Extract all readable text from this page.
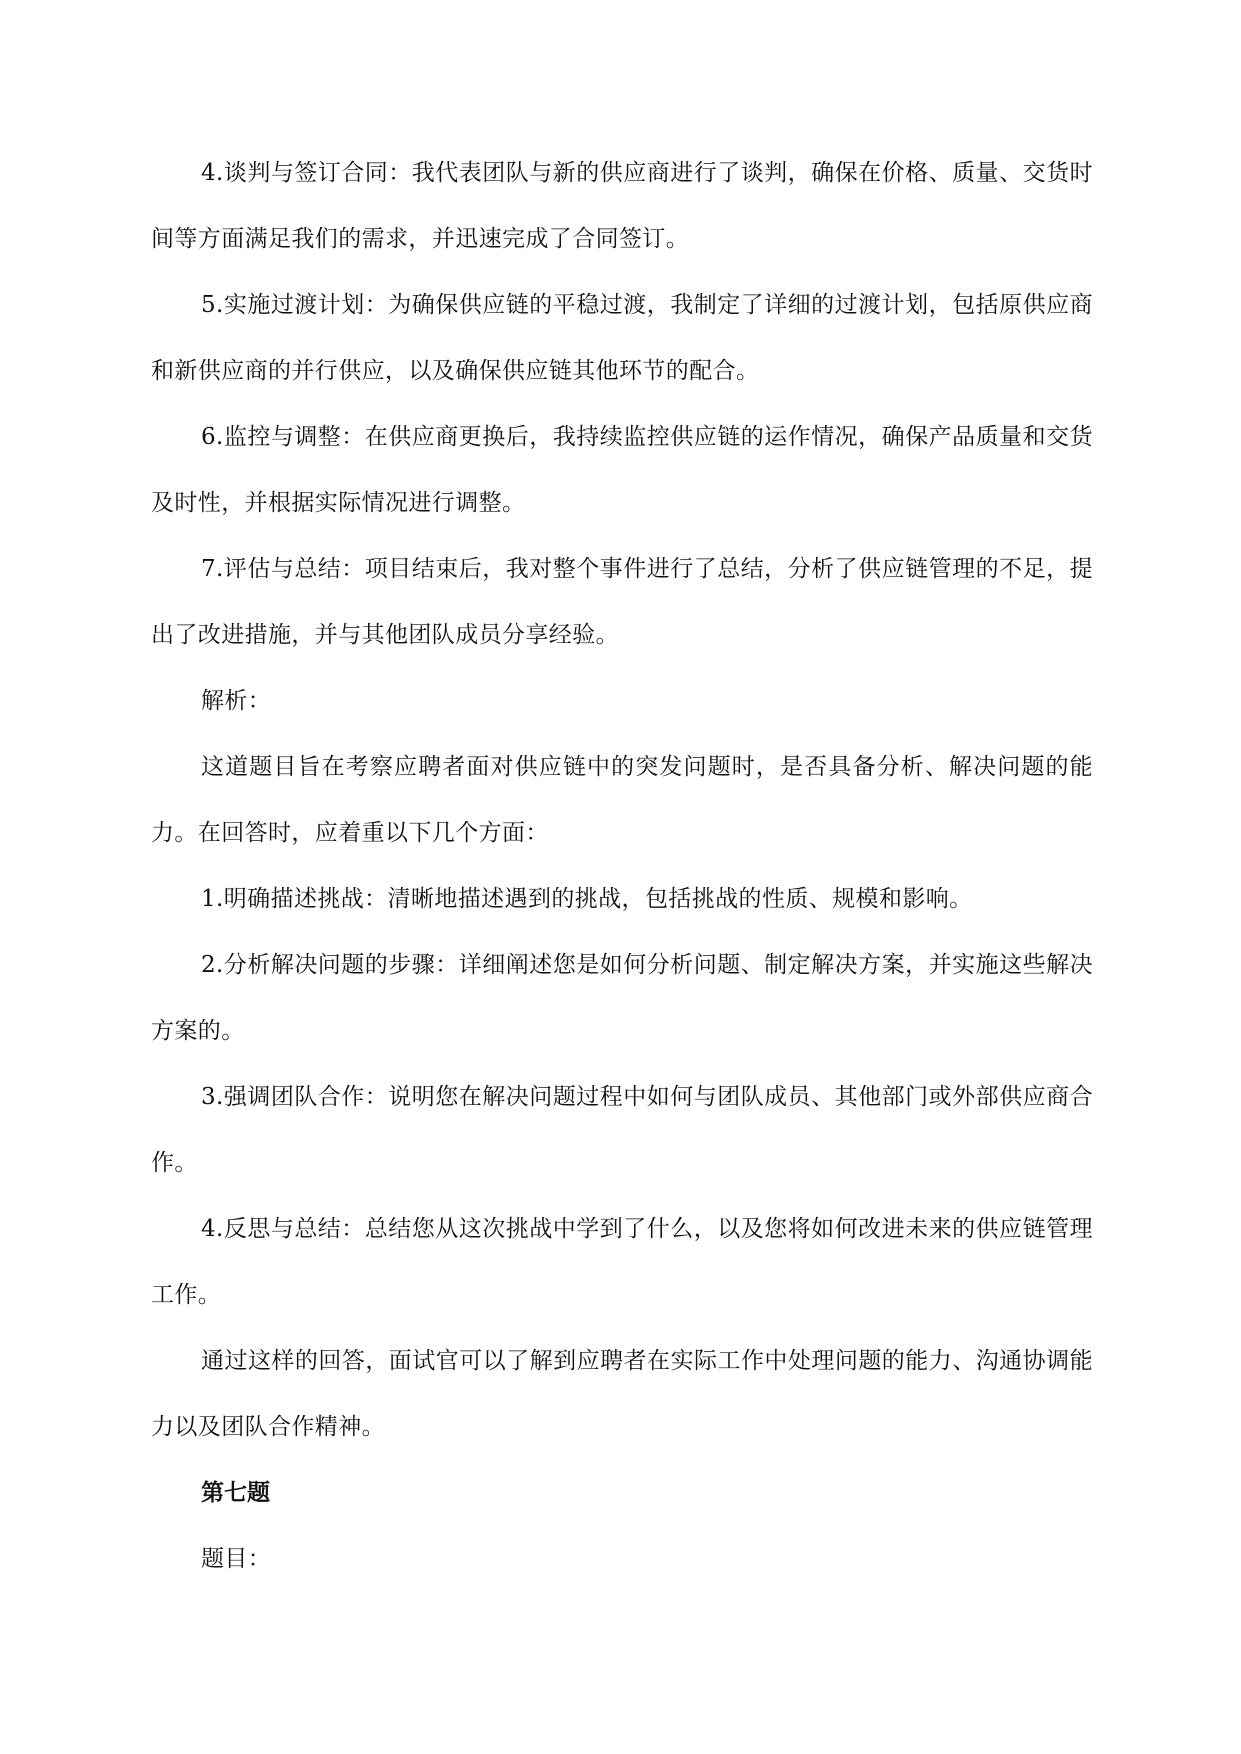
4.谈判与签订合同：我代表团队与新的供应商进行了谈判，确保在价格、质量、交货时间等方面满足我们的需求，并迅速完成了合同签订。

5.实施过渡计划：为确保供应链的平稳过渡，我制定了详细的过渡计划，包括原供应商和新供应商的并行供应，以及确保供应链其他环节的配合。

6.监控与调整：在供应商更换后，我持续监控供应链的运作情况，确保产品质量和交货及时性，并根据实际情况进行调整。

7.评估与总结：项目结束后，我对整个事件进行了总结，分析了供应链管理的不足，提出了改进措施，并与其他团队成员分享经验。

解析：

这道题目旨在考察应聘者面对供应链中的突发问题时，是否具备分析、解决问题的能力。在回答时，应着重以下几个方面：

1.明确描述挑战：清晰地描述遇到的挑战，包括挑战的性质、规模和影响。

2.分析解决问题的步骤：详细阐述您是如何分析问题、制定解决方案，并实施这些解决方案的。

3.强调团队合作：说明您在解决问题过程中如何与团队成员、其他部门或外部供应商合作。

4.反思与总结：总结您从这次挑战中学到了什么，以及您将如何改进未来的供应链管理工作。

通过这样的回答，面试官可以了解到应聘者在实际工作中处理问题的能力、沟通协调能力以及团队合作精神。

第七题

题目：
